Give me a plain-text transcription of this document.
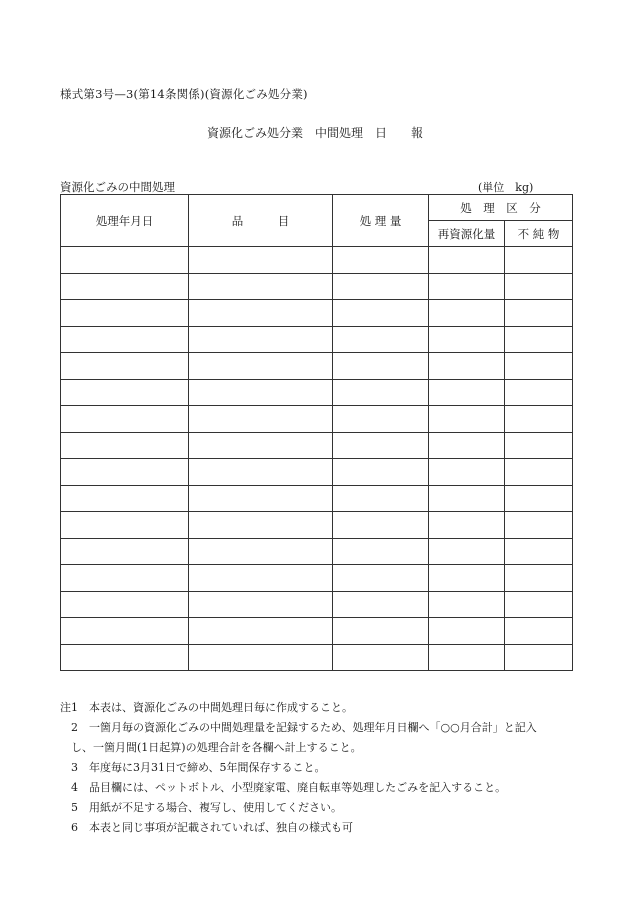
様式第3号—3(第14条関係)(資源化ごみ処分業)
資源化ごみ処分業　中間処理　日　　報
資源化ごみの中間処理	(単位　kg)
処理年月日	品　　　目	処 理 量	処　理　区　分	
			再資源化量	不 純 物

注1　本表は、資源化ごみの中間処理日毎に作成すること。
　2　一箇月毎の資源化ごみの中間処理量を記録するため、処理年月日欄へ「○○月合計」と記入
　し、一箇月間(1日起算)の処理合計を各欄へ計上すること。
　3　年度毎に3月31日で締め、5年間保存すること。
　4　品目欄には、ペットボトル、小型廃家電、廃自転車等処理したごみを記入すること。
　5　用紙が不足する場合、複写し、使用してください。
　6　本表と同じ事項が記載されていれば、独自の様式も可
